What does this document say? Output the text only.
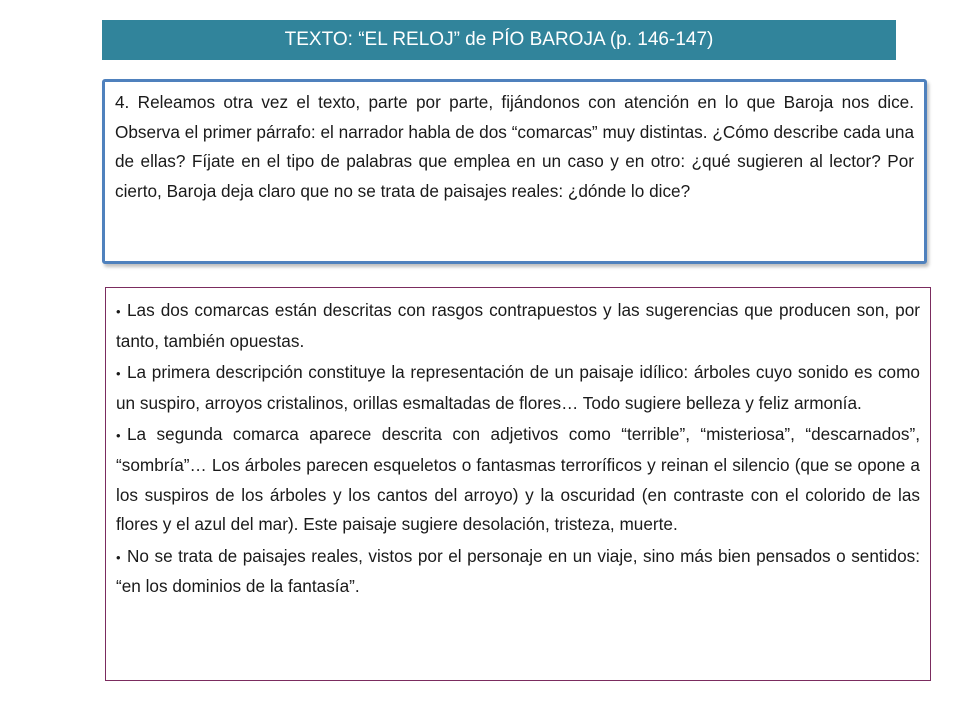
TEXTO: “EL RELOJ” de PÍO BAROJA (p. 146-147)

4. Releamos otra vez el texto, parte por parte, fijándonos con atención en lo que Baroja nos dice. Observa el primer párrafo: el narrador habla de dos “comarcas” muy distintas. ¿Cómo describe cada una de ellas? Fíjate en el tipo de palabras que emplea en un caso y en otro: ¿qué sugieren al lector? Por cierto, Baroja deja claro que no se trata de paisajes reales: ¿dónde lo dice?

• Las dos comarcas están descritas con rasgos contrapuestos y las sugerencias que producen son, por tanto, también opuestas.
• La primera descripción constituye la representación de un paisaje idílico: árboles cuyo sonido es como un suspiro, arroyos cristalinos, orillas esmaltadas de flores… Todo sugiere belleza y feliz armonía.
• La segunda comarca aparece descrita con adjetivos como “terrible”, “misteriosa”, “descarnados”, “sombría”… Los árboles parecen esqueletos o fantasmas terroríficos y reinan el silencio (que se opone a los suspiros de los árboles y los cantos del arroyo) y la oscuridad (en contraste con el colorido de las flores y el azul del mar). Este paisaje sugiere desolación, tristeza, muerte.
• No se trata de paisajes reales, vistos por el personaje en un viaje, sino más bien pensados o sentidos: “en los dominios de la fantasía”.
